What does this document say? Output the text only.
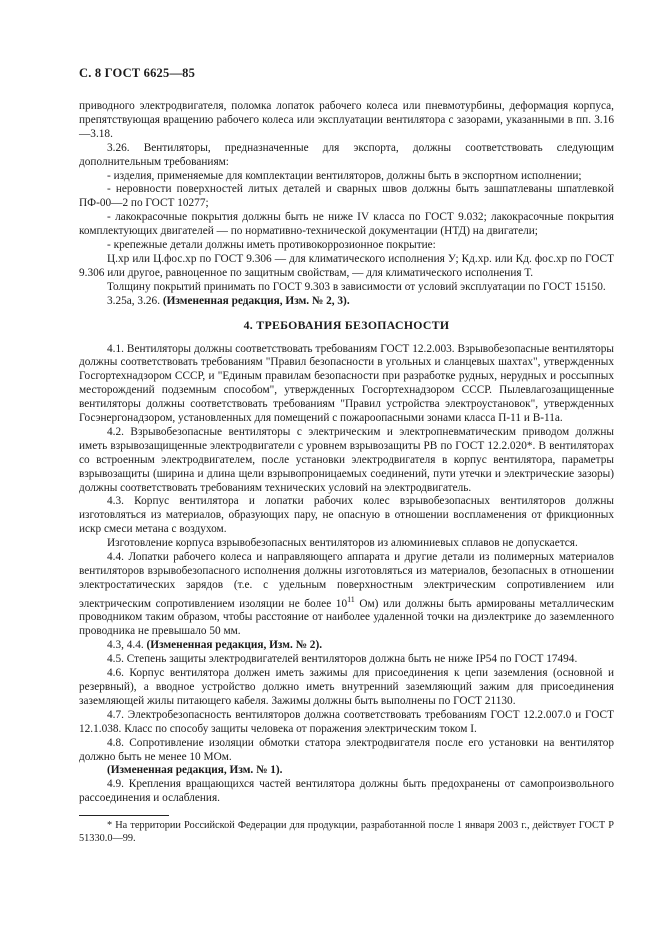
С. 8 ГОСТ 6625—85

приводного электродвигателя, поломка лопаток рабочего колеса или пневмотурбины, деформация корпуса, препятствующая вращению рабочего колеса или эксплуатации вентилятора с зазорами, указанными в пп. 3.16—3.18.

3.26. Вентиляторы, предназначенные для экспорта, должны соответствовать следующим дополнительным требованиям:

- изделия, применяемые для комплектации вентиляторов, должны быть в экспортном исполнении;

- неровности поверхностей литых деталей и сварных швов должны быть зашпатлеваны шпатлевкой ПФ-00—2 по ГОСТ 10277;

- лакокрасочные покрытия должны быть не ниже IV класса по ГОСТ 9.032; лакокрасочные покрытия комплектующих двигателей — по нормативно-технической документации (НТД) на двигатели;

- крепежные детали должны иметь противокоррозионное покрытие:

Ц.хр или Ц.фос.хр по ГОСТ 9.306 — для климатического исполнения У; Кд.хр. или Кд. фос.хр по ГОСТ 9.306 или другое, равноценное по защитным свойствам, — для климатического исполнения Т.

Толщину покрытий принимать по ГОСТ 9.303 в зависимости от условий эксплуатации по ГОСТ 15150.

3.25а, 3.26. (Измененная редакция, Изм. № 2, 3).

4. ТРЕБОВАНИЯ БЕЗОПАСНОСТИ

4.1. Вентиляторы должны соответствовать требованиям ГОСТ 12.2.003. Взрывобезопасные вентиляторы должны соответствовать требованиям "Правил безопасности в угольных и сланцевых шахтах", утвержденных Госгортехнадзором СССР, и "Единым правилам безопасности при разработке рудных, нерудных и россыпных месторождений подземным способом", утвержденных Госгортехнадзором СССР. Пылевлагозащищенные вентиляторы должны соответствовать требованиям "Правил устройства электроустановок", утвержденных Госэнергонадзором, установленных для помещений с пожароопасными зонами класса П-11 и В-11а.

4.2. Взрывобезопасные вентиляторы с электрическим и электропневматическим приводом должны иметь взрывозащищенные электродвигатели с уровнем взрывозащиты РВ по ГОСТ 12.2.020*. В вентиляторах со встроенным электродвигателем, после установки электродвигателя в корпус вентилятора, параметры взрывозащиты (ширина и длина щели взрывопроницаемых соединений, пути утечки и электрические зазоры) должны соответствовать требованиям технических условий на электродвигатель.

4.3. Корпус вентилятора и лопатки рабочих колес взрывобезопасных вентиляторов должны изготовляться из материалов, образующих пару, не опасную в отношении воспламенения от фрикционных искр смеси метана с воздухом.

Изготовление корпуса взрывобезопасных вентиляторов из алюминиевых сплавов не допускается.

4.4. Лопатки рабочего колеса и направляющего аппарата и другие детали из полимерных материалов вентиляторов взрывобезопасного исполнения должны изготовляться из материалов, безопасных в отношении электростатических зарядов (т.е. с удельным поверхностным электрическим сопротивлением или электрическим сопротивлением изоляции не более $10^{11}$ Ом) или должны быть армированы металлическим проводником таким образом, чтобы расстояние от наиболее удаленной точки на диэлектрике до заземленного проводника не превышало 50 мм.

4.3, 4.4. (Измененная редакция, Изм. № 2).

4.5. Степень защиты электродвигателей вентиляторов должна быть не ниже IP54 по ГОСТ 17494.

4.6. Корпус вентилятора должен иметь зажимы для присоединения к цепи заземления (основной и резервный), а вводное устройство должно иметь внутренний заземляющий зажим для присоединения заземляющей жилы питающего кабеля. Зажимы должны быть выполнены по ГОСТ 21130.

4.7. Электробезопасность вентиляторов должна соответствовать требованиям ГОСТ 12.2.007.0 и ГОСТ 12.1.038. Класс по способу защиты человека от поражения электрическим током I.

4.8. Сопротивление изоляции обмотки статора электродвигателя после его установки на вентилятор должно быть не менее 10 МОм.

(Измененная редакция, Изм. № 1).

4.9. Крепления вращающихся частей вентилятора должны быть предохранены от самопроизвольного рассоединения и ослабления.

* На территории Российской Федерации для продукции, разработанной после 1 января 2003 г., действует ГОСТ Р 51330.0—99.
